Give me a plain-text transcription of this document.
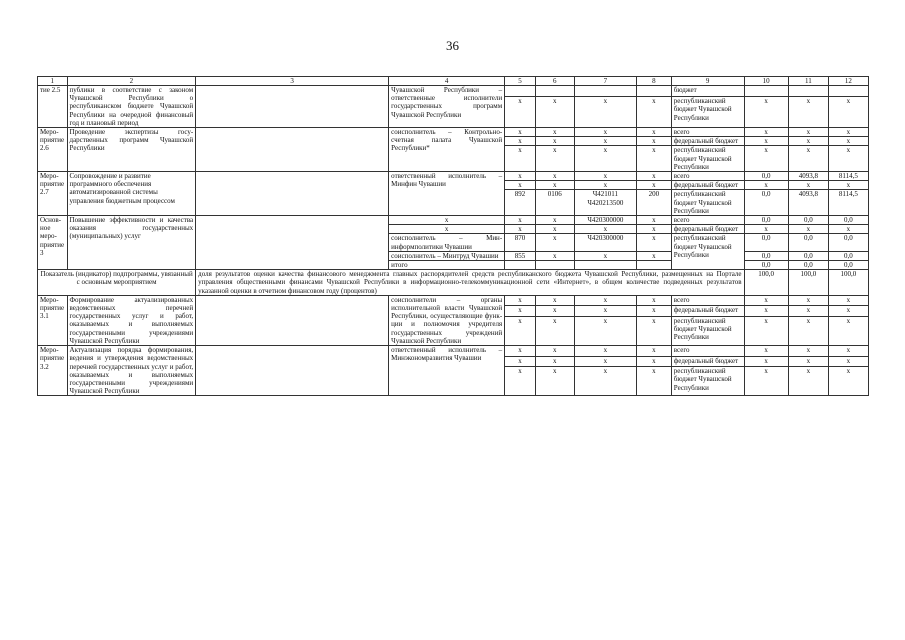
36
1	2	3	4	5	6	7	8	9	10	11	12
тие 2.5	публики в соответствие с законом Чувашской Республики о республиканском бюджете Чувашской Республики на очередной финансовый год и плановый период		Чувашской Республики – ответственные исполнители государственных программ Чувашской Республики					бюджет			
				x	x	x	x	республиканский бюджет Чувашской Республики	x	x	x
Мероприятие 2.6	Проведение экспертизы государственных программ Чувашской Республики		соисполнитель – Контрольно-счетная палата Чувашской Республики*	x	x	x	x	всего	x	x	x
				x	x	x	x	федеральный бюджет	x	x	x
				x	x	x	x	республиканский бюджет Чувашской Республики	x	x	x
Мероприятие 2.7	Сопровождение и развитие программного обеспечения автоматизированной системы управления бюджетным процессом		ответственный исполнитель – Минфин Чувашии	x	x	x	x	всего	0,0	4093,8	8114,5
				x	x	x	x	федеральный бюджет	x	x	x
				892	0106	Ч421011 Ч420213500	200	республиканский бюджет Чувашской Республики	0,0	4093,8	8114,5
Основное мероприятие 3	Повышение эффективности и качества оказания государственных (муниципальных) услуг		x	x	x	Ч420300000	x	всего	0,0	0,0	0,0
			x	x	x	x	x	федеральный бюджет	x	x	x
			соисполнитель – Мининформполитики Чувашии	870	x	Ч420300000	x	республиканский бюджет Чувашской Республики	0,0	0,0	0,0
			соисполнитель – Минтруд Чувашии	855	x	x	x		0,0	0,0	0,0
			итого						0,0	0,0	0,0
Показатель (индикатор) подпрограммы, увязанный с основным мероприятием		доля результатов оценки качества финансового менеджмента главных распорядителей средств республиканского бюджета Чувашской Республики, размещенных на Портале управления общественными финансами Чувашской Республики в информационно-телекоммуникационной сети «Интернет», в общем количестве подведенных результатов указанной оценки в отчетном финансовом году (процентов)							100,0	100,0	100,0
Мероприятие 3.1	Формирование актуализированных ведомственных перечней государственных услуг и работ, оказываемых и выполняемых государственными учреждениями Чувашской Республики		соисполнители – органы исполнительной власти Чувашской Республики, осуществляющие функции и полномочия учредителя государственных учреждений Чувашской Республики	x	x	x	x	всего	x	x	x
				x	x	x	x	федеральный бюджет	x	x	x
				x	x	x	x	республиканский бюджет Чувашской Республики	x	x	x
Мероприятие 3.2	Актуализация порядка формирования, ведения и утверждения ведомственных перечней государственных услуг и работ, оказываемых и выполняемых государственными учреждениями Чувашской Республики		ответственный исполнитель – Минэкономразвития Чувашии	x	x	x	x	всего	x	x	x
				x	x	x	x	федеральный бюджет	x	x	x
				x	x	x	x	республиканский бюджет Чувашской Республики	x	x	x
